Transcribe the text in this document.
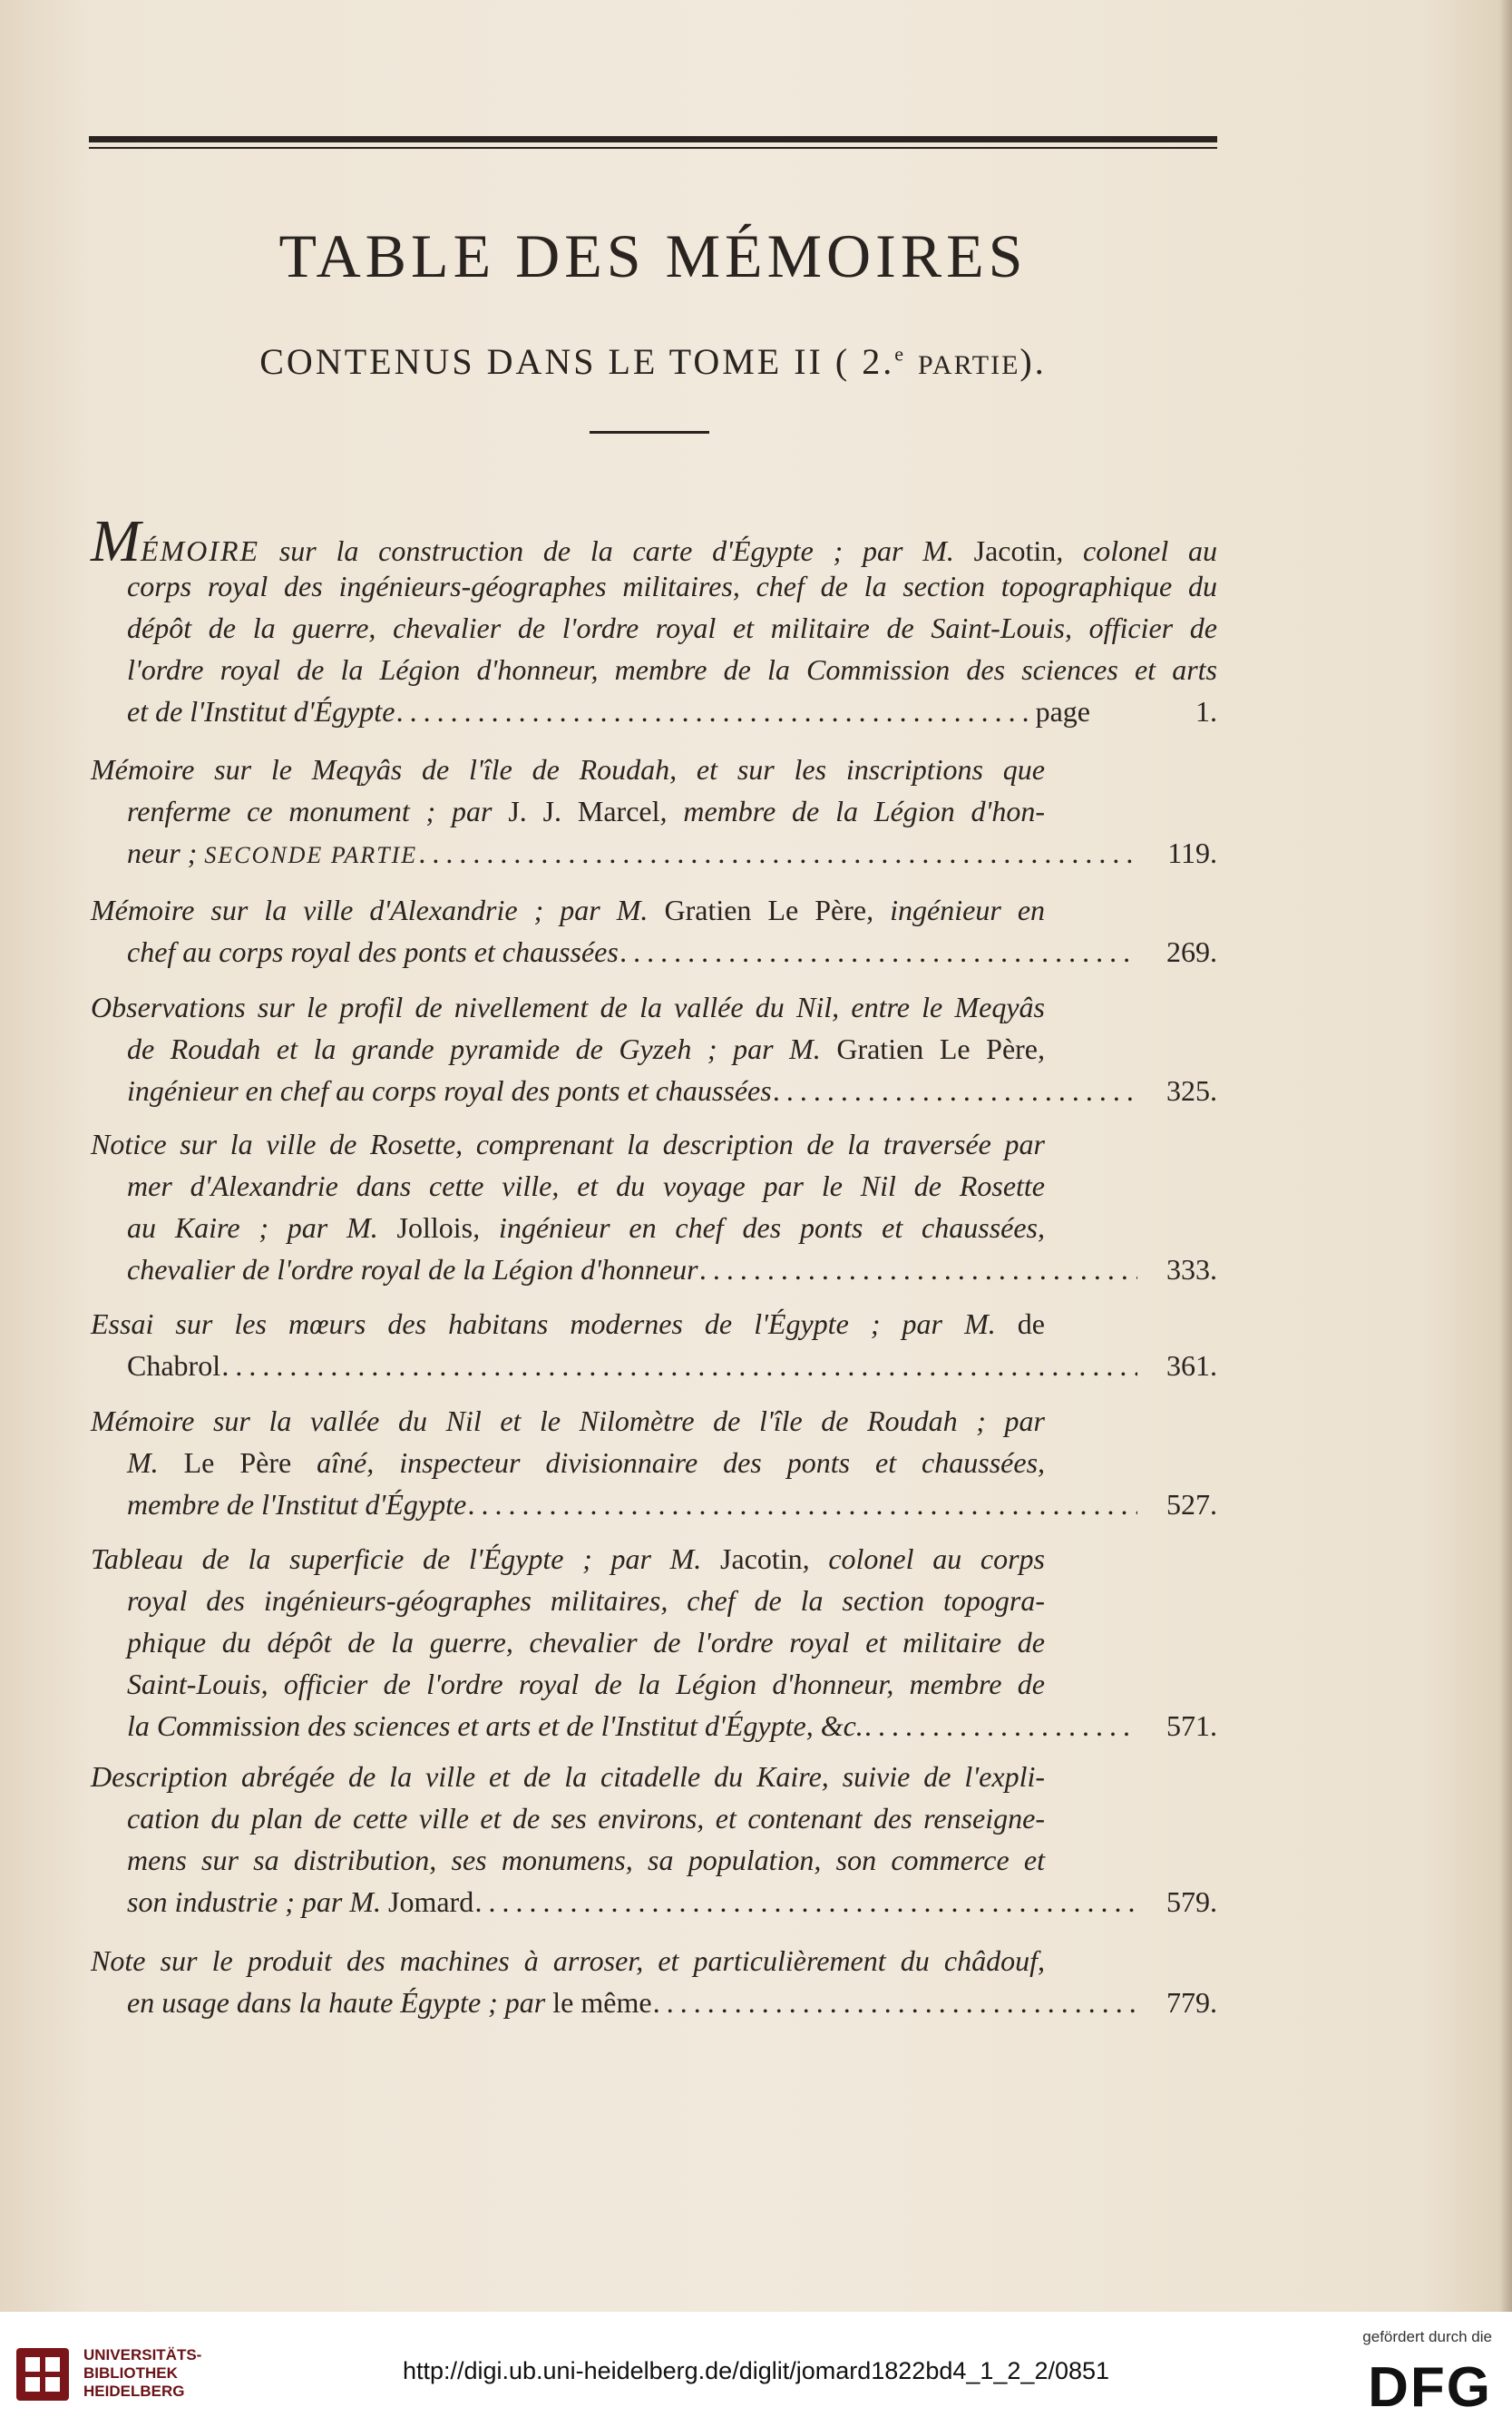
TABLE DES MÉMOIRES
CONTENUS DANS LE TOME II ( 2.$^e$ PARTIE).
MÉMOIRE sur la construction de la carte d'Égypte ; par M. Jacotin, colonel au
corps royal des ingénieurs-géographes militaires, chef de la section topographique du
dépôt de la guerre, chevalier de l'ordre royal et militaire de Saint-Louis, officier de
l'ordre royal de la Légion d'honneur, membre de la Commission des sciences et arts
et de l'Institut d'Égypte .....	page	1.
Mémoire sur le Meqyâs de l'île de Roudah, et sur les inscriptions que
renferme ce monument ; par J. J. Marcel, membre de la Légion d'hon-
neur ; SECONDE PARTIE .....	119.
Mémoire sur la ville d'Alexandrie ; par M. Gratien Le Père, ingénieur en
chef au corps royal des ponts et chaussées .....	269.
Observations sur le profil de nivellement de la vallée du Nil, entre le Meqyâs
de Roudah et la grande pyramide de Gyzeh ; par M. Gratien Le Père,
ingénieur en chef au corps royal des ponts et chaussées .....	325.
Notice sur la ville de Rosette, comprenant la description de la traversée par
mer d'Alexandrie dans cette ville, et du voyage par le Nil de Rosette
au Kaire ; par M. Jollois, ingénieur en chef des ponts et chaussées,
chevalier de l'ordre royal de la Légion d'honneur .....	333.
Essai sur les mœurs des habitans modernes de l'Égypte ; par M. de
Chabrol .....	361.
Mémoire sur la vallée du Nil et le Nilomètre de l'île de Roudah ; par
M. Le Père aîné, inspecteur divisionnaire des ponts et chaussées,
membre de l'Institut d'Égypte .....	527.
Tableau de la superficie de l'Égypte ; par M. Jacotin, colonel au corps
royal des ingénieurs-géographes militaires, chef de la section topogra-
phique du dépôt de la guerre, chevalier de l'ordre royal et militaire de
Saint-Louis, officier de l'ordre royal de la Légion d'honneur, membre de
la Commission des sciences et arts et de l'Institut d'Égypte, &c. .....	571.
Description abrégée de la ville et de la citadelle du Kaire, suivie de l'expli-
cation du plan de cette ville et de ses environs, et contenant des renseigne-
mens sur sa distribution, ses monumens, sa population, son commerce et
son industrie ; par M. Jomard .....	579.
Note sur le produit des machines à arroser, et particulièrement du châdouf,
en usage dans la haute Égypte ; par le même .....	779.
UNIVERSITÄTS-
BIBLIOTHEK
HEIDELBERG
http://digi.ub.uni-heidelberg.de/diglit/jomard1822bd4_1_2_2/0851
gefördert durch die
DFG
